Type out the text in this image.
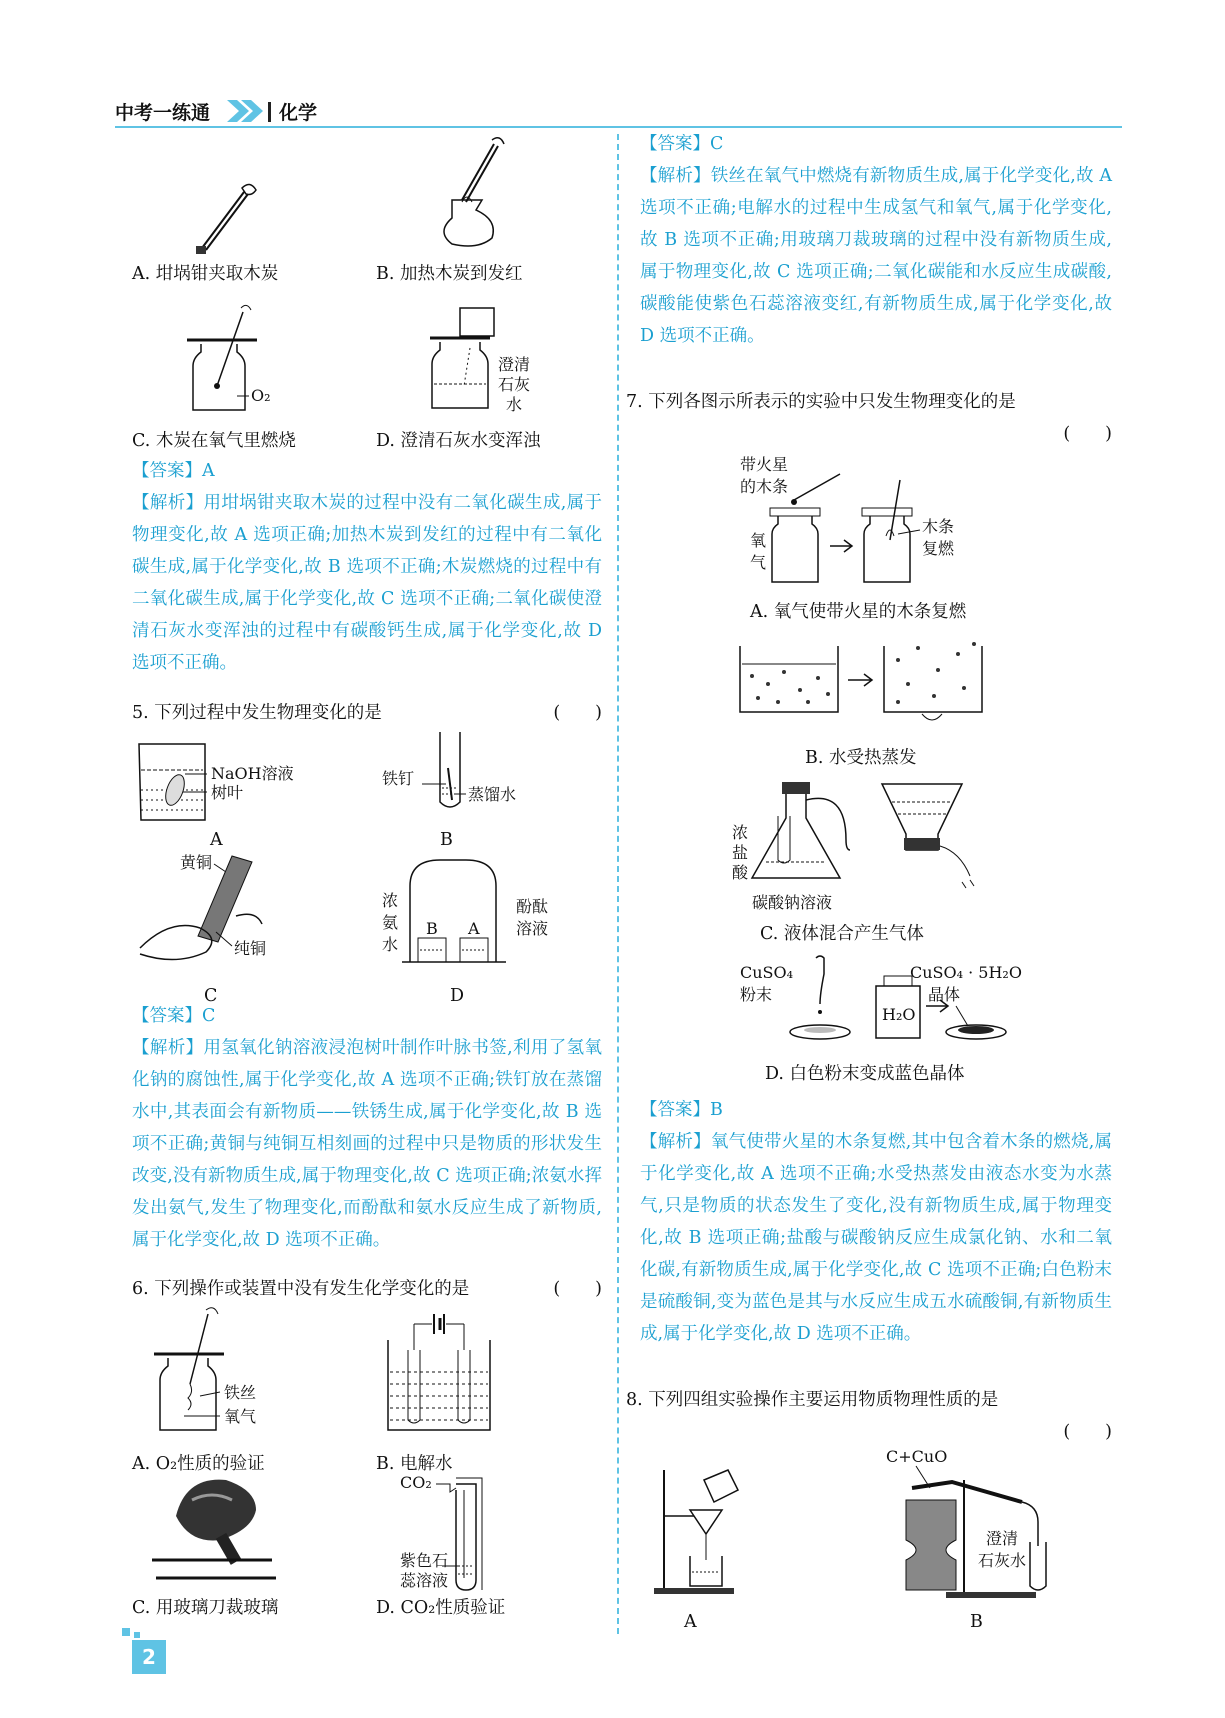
中考一练通	化学
A. 坩埚钳夹取木炭	B. 加热木炭到发红
O₂
C. 木炭在氧气里燃烧
澄清
石灰
水
D. 澄清石灰水变浑浊
【答案】A
【解析】用坩埚钳夹取木炭的过程中没有二氧化碳生成,属于物理变化,故 A 选项正确;加热木炭到发红的过程中有二氧化碳生成,属于化学变化,故 B 选项不正确;木炭燃烧的过程中有二氧化碳生成,属于化学变化,故 C 选项不正确;二氧化碳使澄清石灰水变浑浊的过程中有碳酸钙生成,属于化学变化,故 D 选项不正确。
5. 下列过程中发生物理变化的是	(　　)
NaOH溶液
树叶
A
铁钉
蒸馏水
B
黄铜
纯铜
C
B A
浓
氨
水
酚酞
溶液
D
【答案】C
【解析】用氢氧化钠溶液浸泡树叶制作叶脉书签,利用了氢氧化钠的腐蚀性,属于化学变化,故 A 选项不正确;铁钉放在蒸馏水中,其表面会有新物质——铁锈生成,属于化学变化,故 B 选项不正确;黄铜与纯铜互相刻画的过程中只是物质的形状发生改变,没有新物质生成,属于物理变化,故 C 选项正确;浓氨水挥发出氨气,发生了物理变化,而酚酞和氨水反应生成了新物质,属于化学变化,故 D 选项不正确。
6. 下列操作或装置中没有发生化学变化的是	(　　)
铁丝
氧气
A. O₂性质的验证	B. 电解水
C. 用玻璃刀裁玻璃
CO₂
紫色石
蕊溶液
D. CO₂性质验证
【答案】C
【解析】铁丝在氧气中燃烧有新物质生成,属于化学变化,故 A 选项不正确;电解水的过程中生成氢气和氧气,属于化学变化,故 B 选项不正确;用玻璃刀裁玻璃的过程中没有新物质生成,属于物理变化,故 C 选项正确;二氧化碳能和水反应生成碳酸,碳酸能使紫色石蕊溶液变红,有新物质生成,属于化学变化,故 D 选项不正确。
7. 下列各图示所表示的实验中只发生物理变化的是
(　　)
带火星
的木条
氧
气
木条
复燃
A. 氧气使带火星的木条复燃
B. 水受热蒸发
浓
盐
酸
碳酸钠溶液
C. 液体混合产生气体
CuSO₄
粉末
H₂O
CuSO₄ · 5H₂O
晶体
D. 白色粉末变成蓝色晶体
【答案】B
【解析】氧气使带火星的木条复燃,其中包含着木条的燃烧,属于化学变化,故 A 选项不正确;水受热蒸发由液态水变为水蒸气,只是物质的状态发生了变化,没有新物质生成,属于物理变化,故 B 选项正确;盐酸与碳酸钠反应生成氯化钠、水和二氧化碳,有新物质生成,属于化学变化,故 C 选项不正确;白色粉末是硫酸铜,变为蓝色是其与水反应生成五水硫酸铜,有新物质生成,属于化学变化,故 D 选项不正确。
8. 下列四组实验操作主要运用物质物理性质的是
(　　)
A
C+CuO
澄清
石灰水
B
2
